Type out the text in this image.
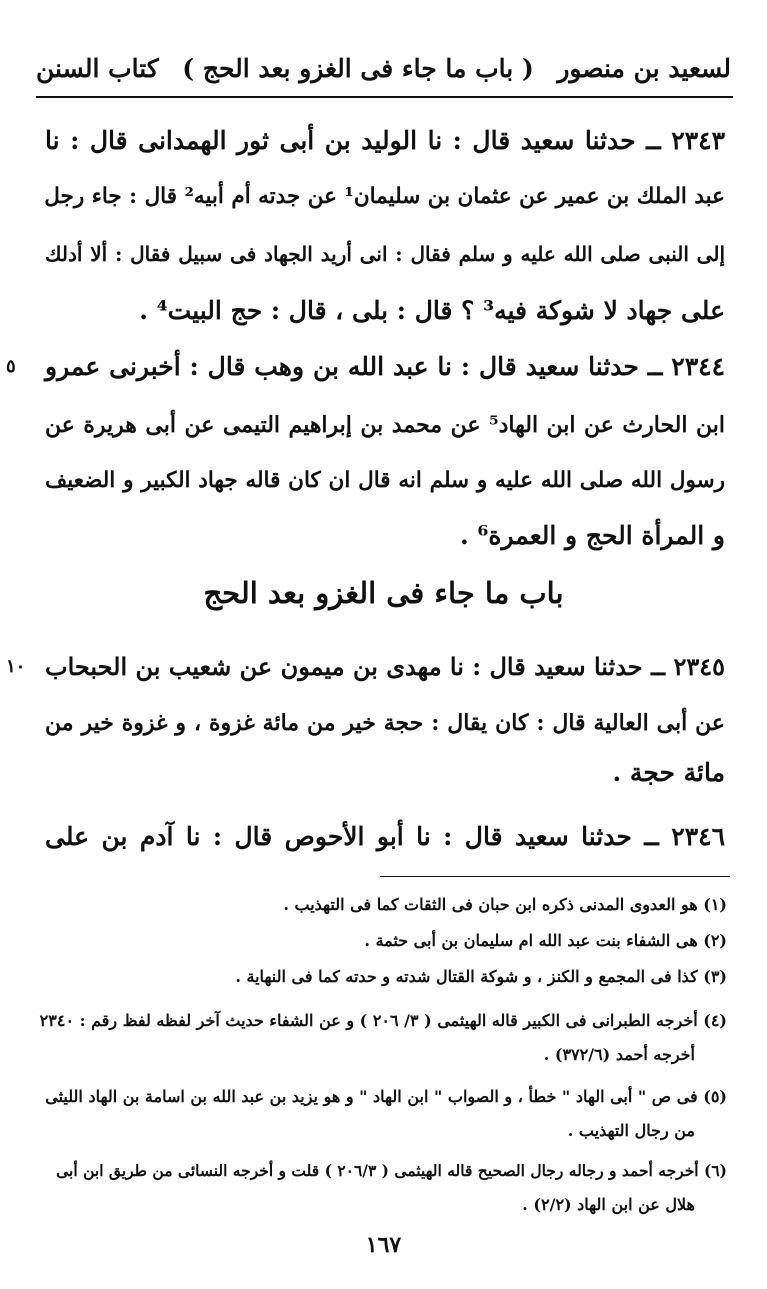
كتاب السنن ( باب ما جاء فى الغزو بعد الحج ) لسعيد بن منصور
٢٣٤٣ ــ حدثنا سعيد قال : نا الوليد بن أبى ثور الهمدانى قال : نا
عبد الملك بن عمير عن عثمان بن سليمان¹ عن جدته أم أبيه² قال : جاء رجل
إلى النبى صلى الله عليه و سلم فقال : انى أريد الجهاد فى سبيل فقال : ألا أدلك
على جهاد لا شوكة فيه³ ؟ قال : بلى ، قال : حج البيت⁴ .
٢٣٤٤ ــ حدثنا سعيد قال : نا عبد الله بن وهب قال : أخبرنى عمرو
٥
ابن الحارث عن ابن الهاد⁵ عن محمد بن إبراهيم التيمى عن أبى هريرة عن
رسول الله صلى الله عليه و سلم انه قال ان كان قاله جهاد الكبير و الضعيف
و المرأة الحج و العمرة⁶ .
باب ما جاء فى الغزو بعد الحج
٢٣٤٥ ــ حدثنا سعيد قال : نا مهدى بن ميمون عن شعيب بن الحبحاب
١٠
عن أبى العالية قال : كان يقال : حجة خير من مائة غزوة ، و غزوة خير من
مائة حجة .
٢٣٤٦ ــ حدثنا سعيد قال : نا أبو الأحوص قال : نا آدم بن على
(١) هو العدوى المدنى ذكره ابن حبان فى الثقات كما فى التهذيب .
(٢) هى الشفاء بنت عبد الله ام سليمان بن أبى حثمة .
(٣) كذا فى المجمع و الكنز ، و شوكة القتال شدته و حدته كما فى النهاية .
(٤) أخرجه الطبرانى فى الكبير قاله الهيثمى ( ٣/ ٢٠٦ ) و عن الشفاء حديث آخر لفظه لفظ رقم : ٢٣٤٠
أخرجه أحمد (٣٧٢/٦) .
(٥) فى ص " أبى الهاد " خطأ ، و الصواب " ابن الهاد " و هو يزيد بن عبد الله بن اسامة بن الهاد الليثى
من رجال التهذيب .
(٦) أخرجه أحمد و رجاله رجال الصحيح قاله الهيثمى ( ٢٠٦/٣ ) قلت و أخرجه النسائى من طريق ابن أبى
هلال عن ابن الهاد (٢/٢) .
١٦٧
